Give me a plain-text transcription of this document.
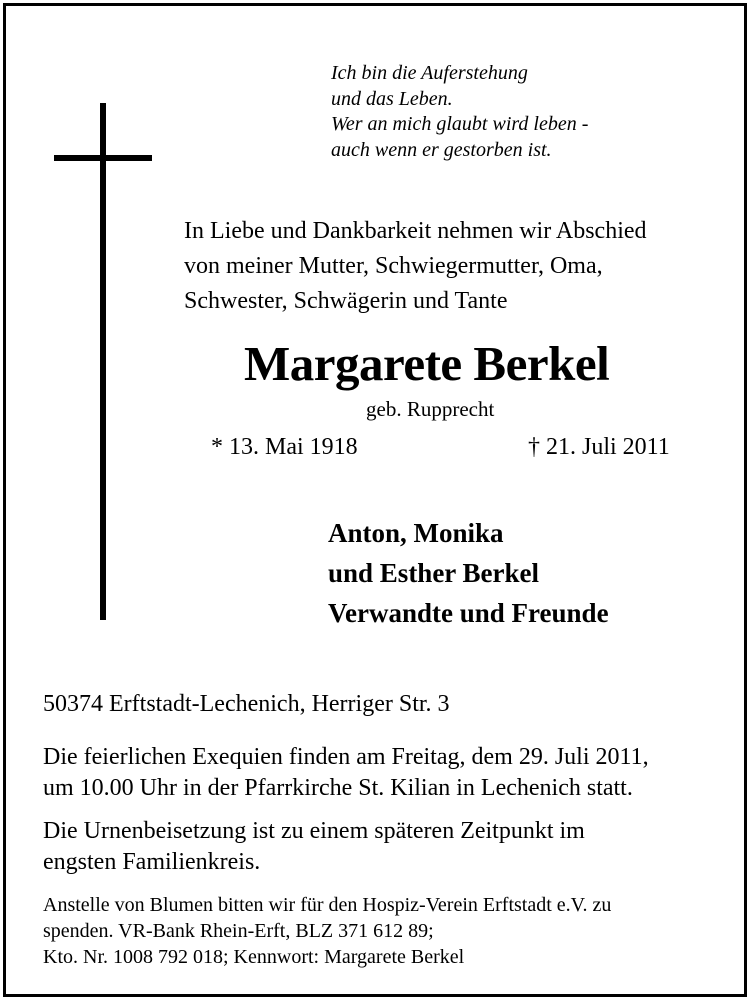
Ich bin die Auferstehung
und das Leben.
Wer an mich glaubt wird leben -
auch wenn er gestorben ist.
In Liebe und Dankbarkeit nehmen wir Abschied
von meiner Mutter, Schwiegermutter, Oma,
Schwester, Schwägerin und Tante
Margarete Berkel
geb. Rupprecht
* 13. Mai 1918	† 21. Juli 2011
Anton, Monika
und Esther Berkel
Verwandte und Freunde
50374 Erftstadt-Lechenich, Herriger Str. 3
Die feierlichen Exequien finden am Freitag, dem 29. Juli 2011,
um 10.00 Uhr in der Pfarrkirche St. Kilian in Lechenich statt.
Die Urnenbeisetzung ist zu einem späteren Zeitpunkt im
engsten Familienkreis.
Anstelle von Blumen bitten wir für den Hospiz-Verein Erftstadt e.V. zu
spenden. VR-Bank Rhein-Erft, BLZ 371 612 89;
Kto. Nr. 1008 792 018; Kennwort: Margarete Berkel
